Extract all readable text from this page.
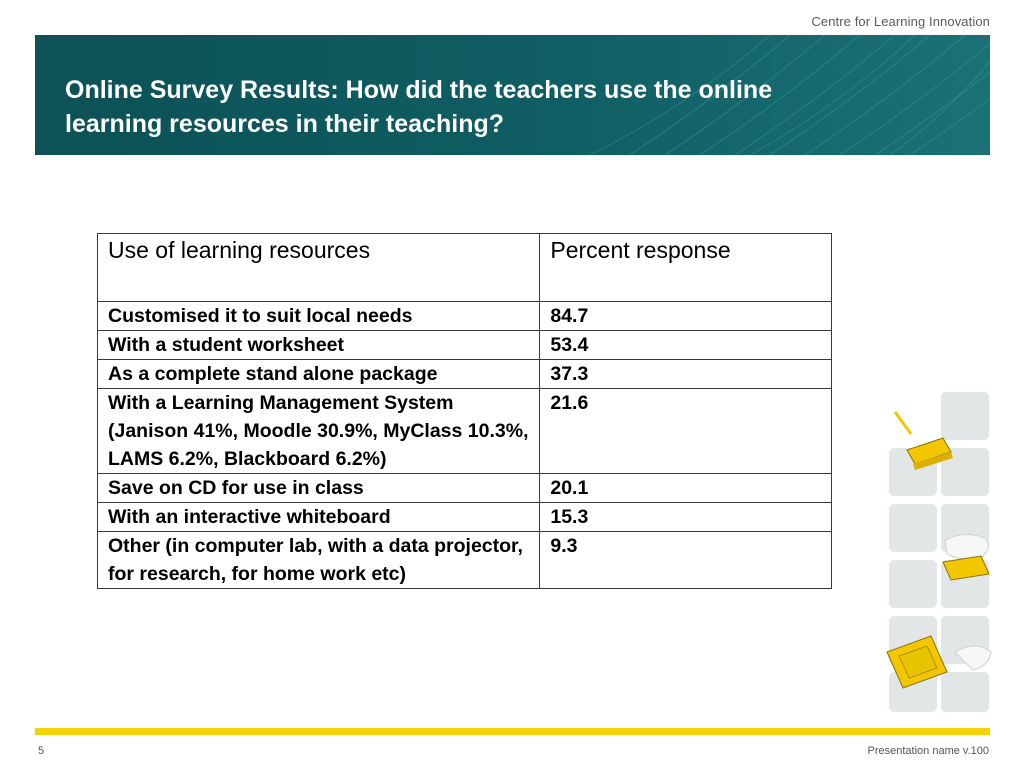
Centre for Learning Innovation
Online Survey Results: How did the teachers use the online learning resources in their teaching?
Use of learning resources	Percent response
Customised it to suit local needs	84.7
With a student worksheet	53.4
As a complete stand alone package	37.3
With a Learning Management System (Janison 41%, Moodle 30.9%, MyClass 10.3%, LAMS 6.2%, Blackboard 6.2%)	21.6
Save on CD for use in class	20.1
With an interactive whiteboard	15.3
Other (in computer lab, with a data projector, for research, for home work etc)	9.3
5	Presentation name v.100
